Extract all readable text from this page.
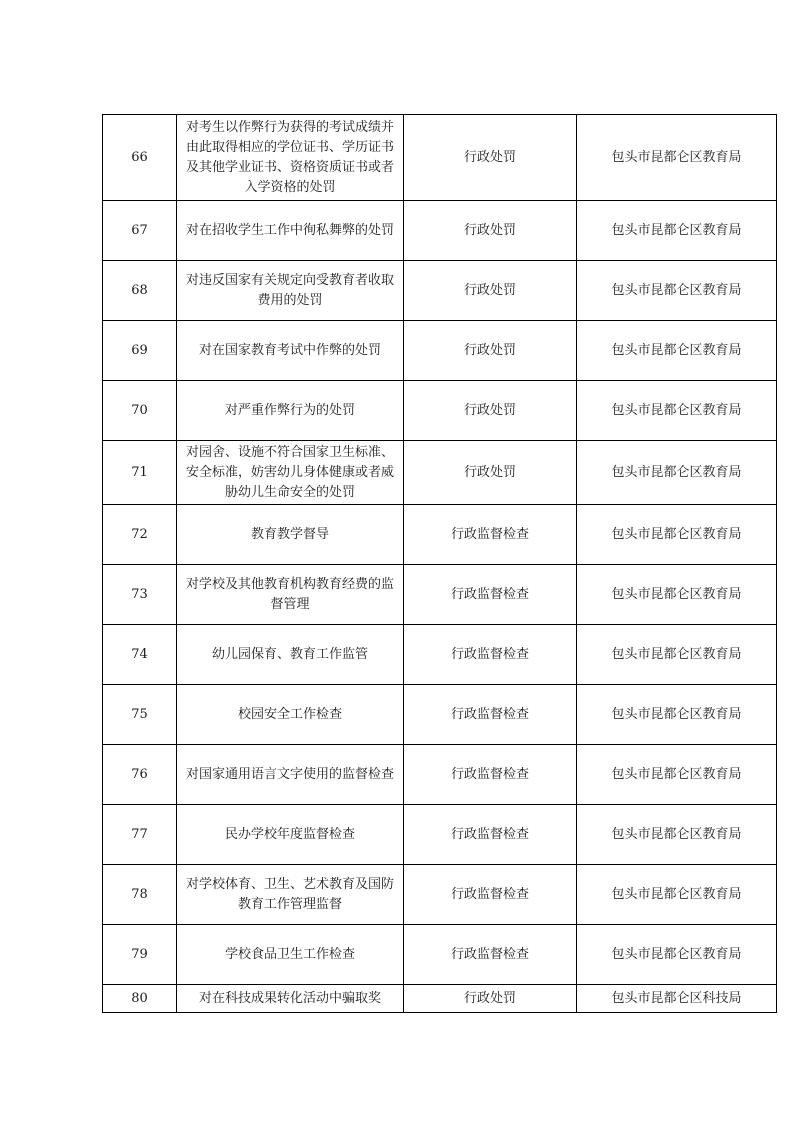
66	对考生以作弊行为获得的考试成绩并由此取得相应的学位证书、学历证书及其他学业证书、资格资质证书或者入学资格的处罚	行政处罚	包头市昆都仑区教育局
67	对在招收学生工作中徇私舞弊的处罚	行政处罚	包头市昆都仑区教育局
68	对违反国家有关规定向受教育者收取费用的处罚	行政处罚	包头市昆都仑区教育局
69	对在国家教育考试中作弊的处罚	行政处罚	包头市昆都仑区教育局
70	对严重作弊行为的处罚	行政处罚	包头市昆都仑区教育局
71	对园舍、设施不符合国家卫生标准、安全标准，妨害幼儿身体健康或者威胁幼儿生命安全的处罚	行政处罚	包头市昆都仑区教育局
72	教育教学督导	行政监督检查	包头市昆都仑区教育局
73	对学校及其他教育机构教育经费的监督管理	行政监督检查	包头市昆都仑区教育局
74	幼儿园保育、教育工作监管	行政监督检查	包头市昆都仑区教育局
75	校园安全工作检查	行政监督检查	包头市昆都仑区教育局
76	对国家通用语言文字使用的监督检查	行政监督检查	包头市昆都仑区教育局
77	民办学校年度监督检查	行政监督检查	包头市昆都仑区教育局
78	对学校体育、卫生、艺术教育及国防教育工作管理监督	行政监督检查	包头市昆都仑区教育局
79	学校食品卫生工作检查	行政监督检查	包头市昆都仑区教育局
80	对在科技成果转化活动中骗取奖	行政处罚	包头市昆都仑区科技局
